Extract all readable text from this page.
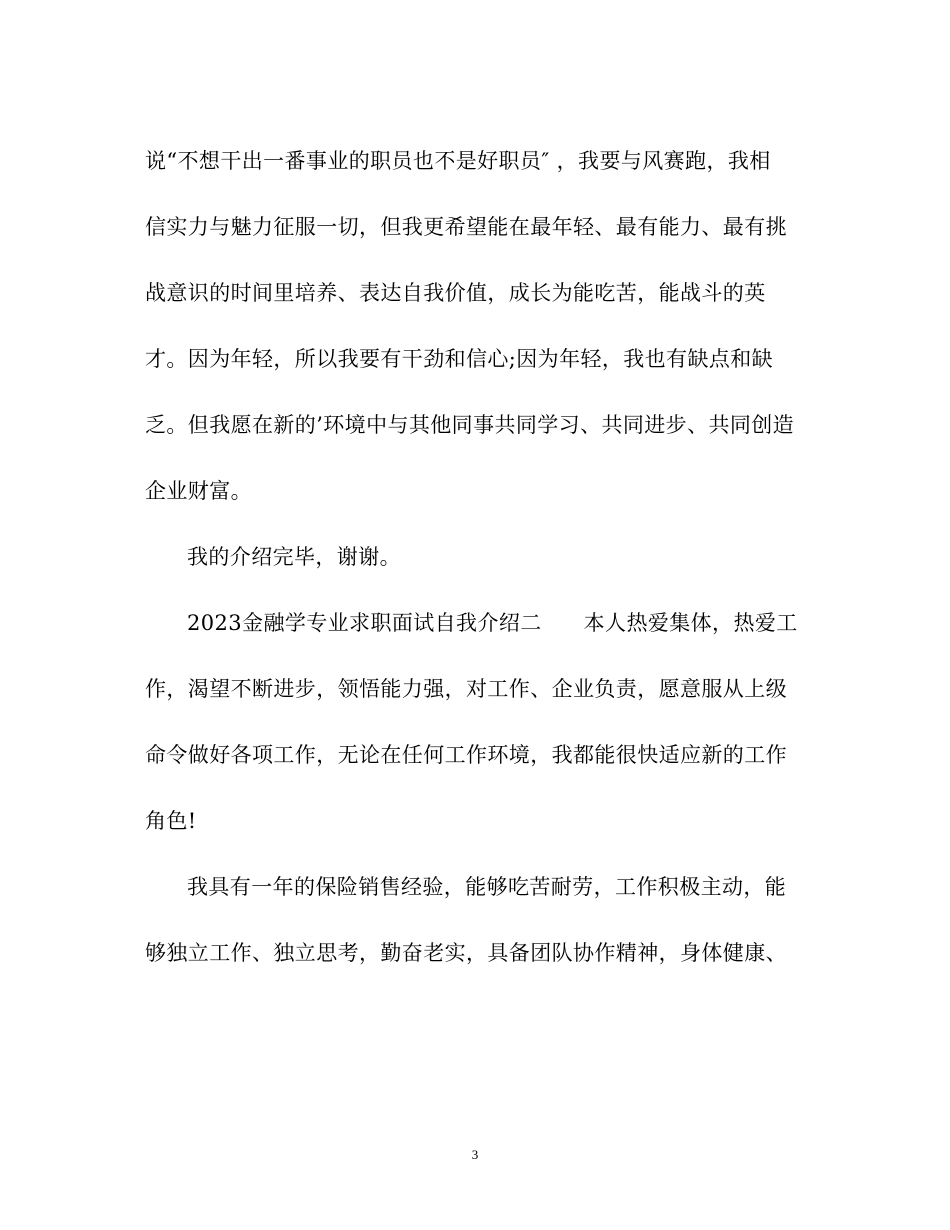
说“不想干出一番事业的职员也不是好职员″ ，我要与风赛跑，我相
信实力与魅力征服一切，但我更希望能在最年轻、最有能力、最有挑
战意识的时间里培养、表达自我价值，成长为能吃苦，能战斗的英
才。因为年轻，所以我要有干劲和信心;因为年轻，我也有缺点和缺
乏。但我愿在新的’环境中与其他同事共同学习、共同进步、共同创造
企业财富。
我的介绍完毕，谢谢。
2023金融学专业求职面试自我介绍二 本人热爱集体，热爱工
作，渴望不断进步，领悟能力强，对工作、企业负责，愿意服从上级
命令做好各项工作，无论在任何工作环境，我都能很快适应新的工作
角色!
我具有一年的保险销售经验，能够吃苦耐劳，工作积极主动，能
够独立工作、独立思考，勤奋老实，具备团队协作精神，身体健康、
3
